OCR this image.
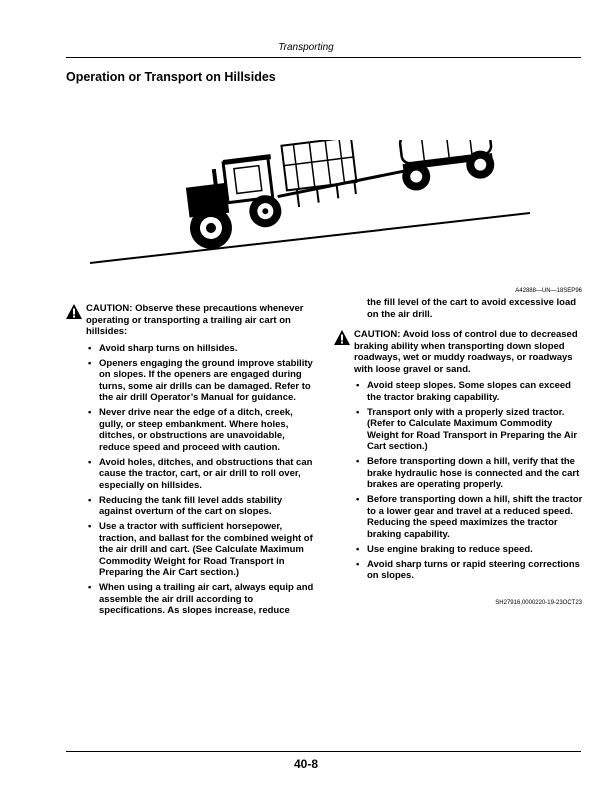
Transporting
Operation or Transport on Hillsides
A42888—UN—18SEP96
CAUTION: Observe these precautions whenever operating or transporting a trailing air cart on hillsides:
• Avoid sharp turns on hillsides.
• Openers engaging the ground improve stability on slopes. If the openers are engaged during turns, some air drills can be damaged. Refer to the air drill Operator’s Manual for guidance.
• Never drive near the edge of a ditch, creek, gully, or steep embankment. Where holes, ditches, or obstructions are unavoidable, reduce speed and proceed with caution.
• Avoid holes, ditches, and obstructions that can cause the tractor, cart, or air drill to roll over, especially on hillsides.
• Reducing the tank fill level adds stability against overturn of the cart on slopes.
• Use a tractor with sufficient horsepower, traction, and ballast for the combined weight of the air drill and cart. (See Calculate Maximum Commodity Weight for Road Transport in Preparing the Air Cart section.)
• When using a trailing air cart, always equip and assemble the air drill according to specifications. As slopes increase, reduce
the fill level of the cart to avoid excessive load on the air drill.
CAUTION: Avoid loss of control due to decreased braking ability when transporting down sloped roadways, wet or muddy roadways, or roadways with loose gravel or sand.
• Avoid steep slopes. Some slopes can exceed the tractor braking capability.
• Transport only with a properly sized tractor. (Refer to Calculate Maximum Commodity Weight for Road Transport in Preparing the Air Cart section.)
• Before transporting down a hill, verify that the brake hydraulic hose is connected and the cart brakes are operating properly.
• Before transporting down a hill, shift the tractor to a lower gear and travel at a reduced speed. Reducing the speed maximizes the tractor braking capability.
• Use engine braking to reduce speed.
• Avoid sharp turns or rapid steering corrections on slopes.
SH27916,0000220-19-23OCT23
40-8
